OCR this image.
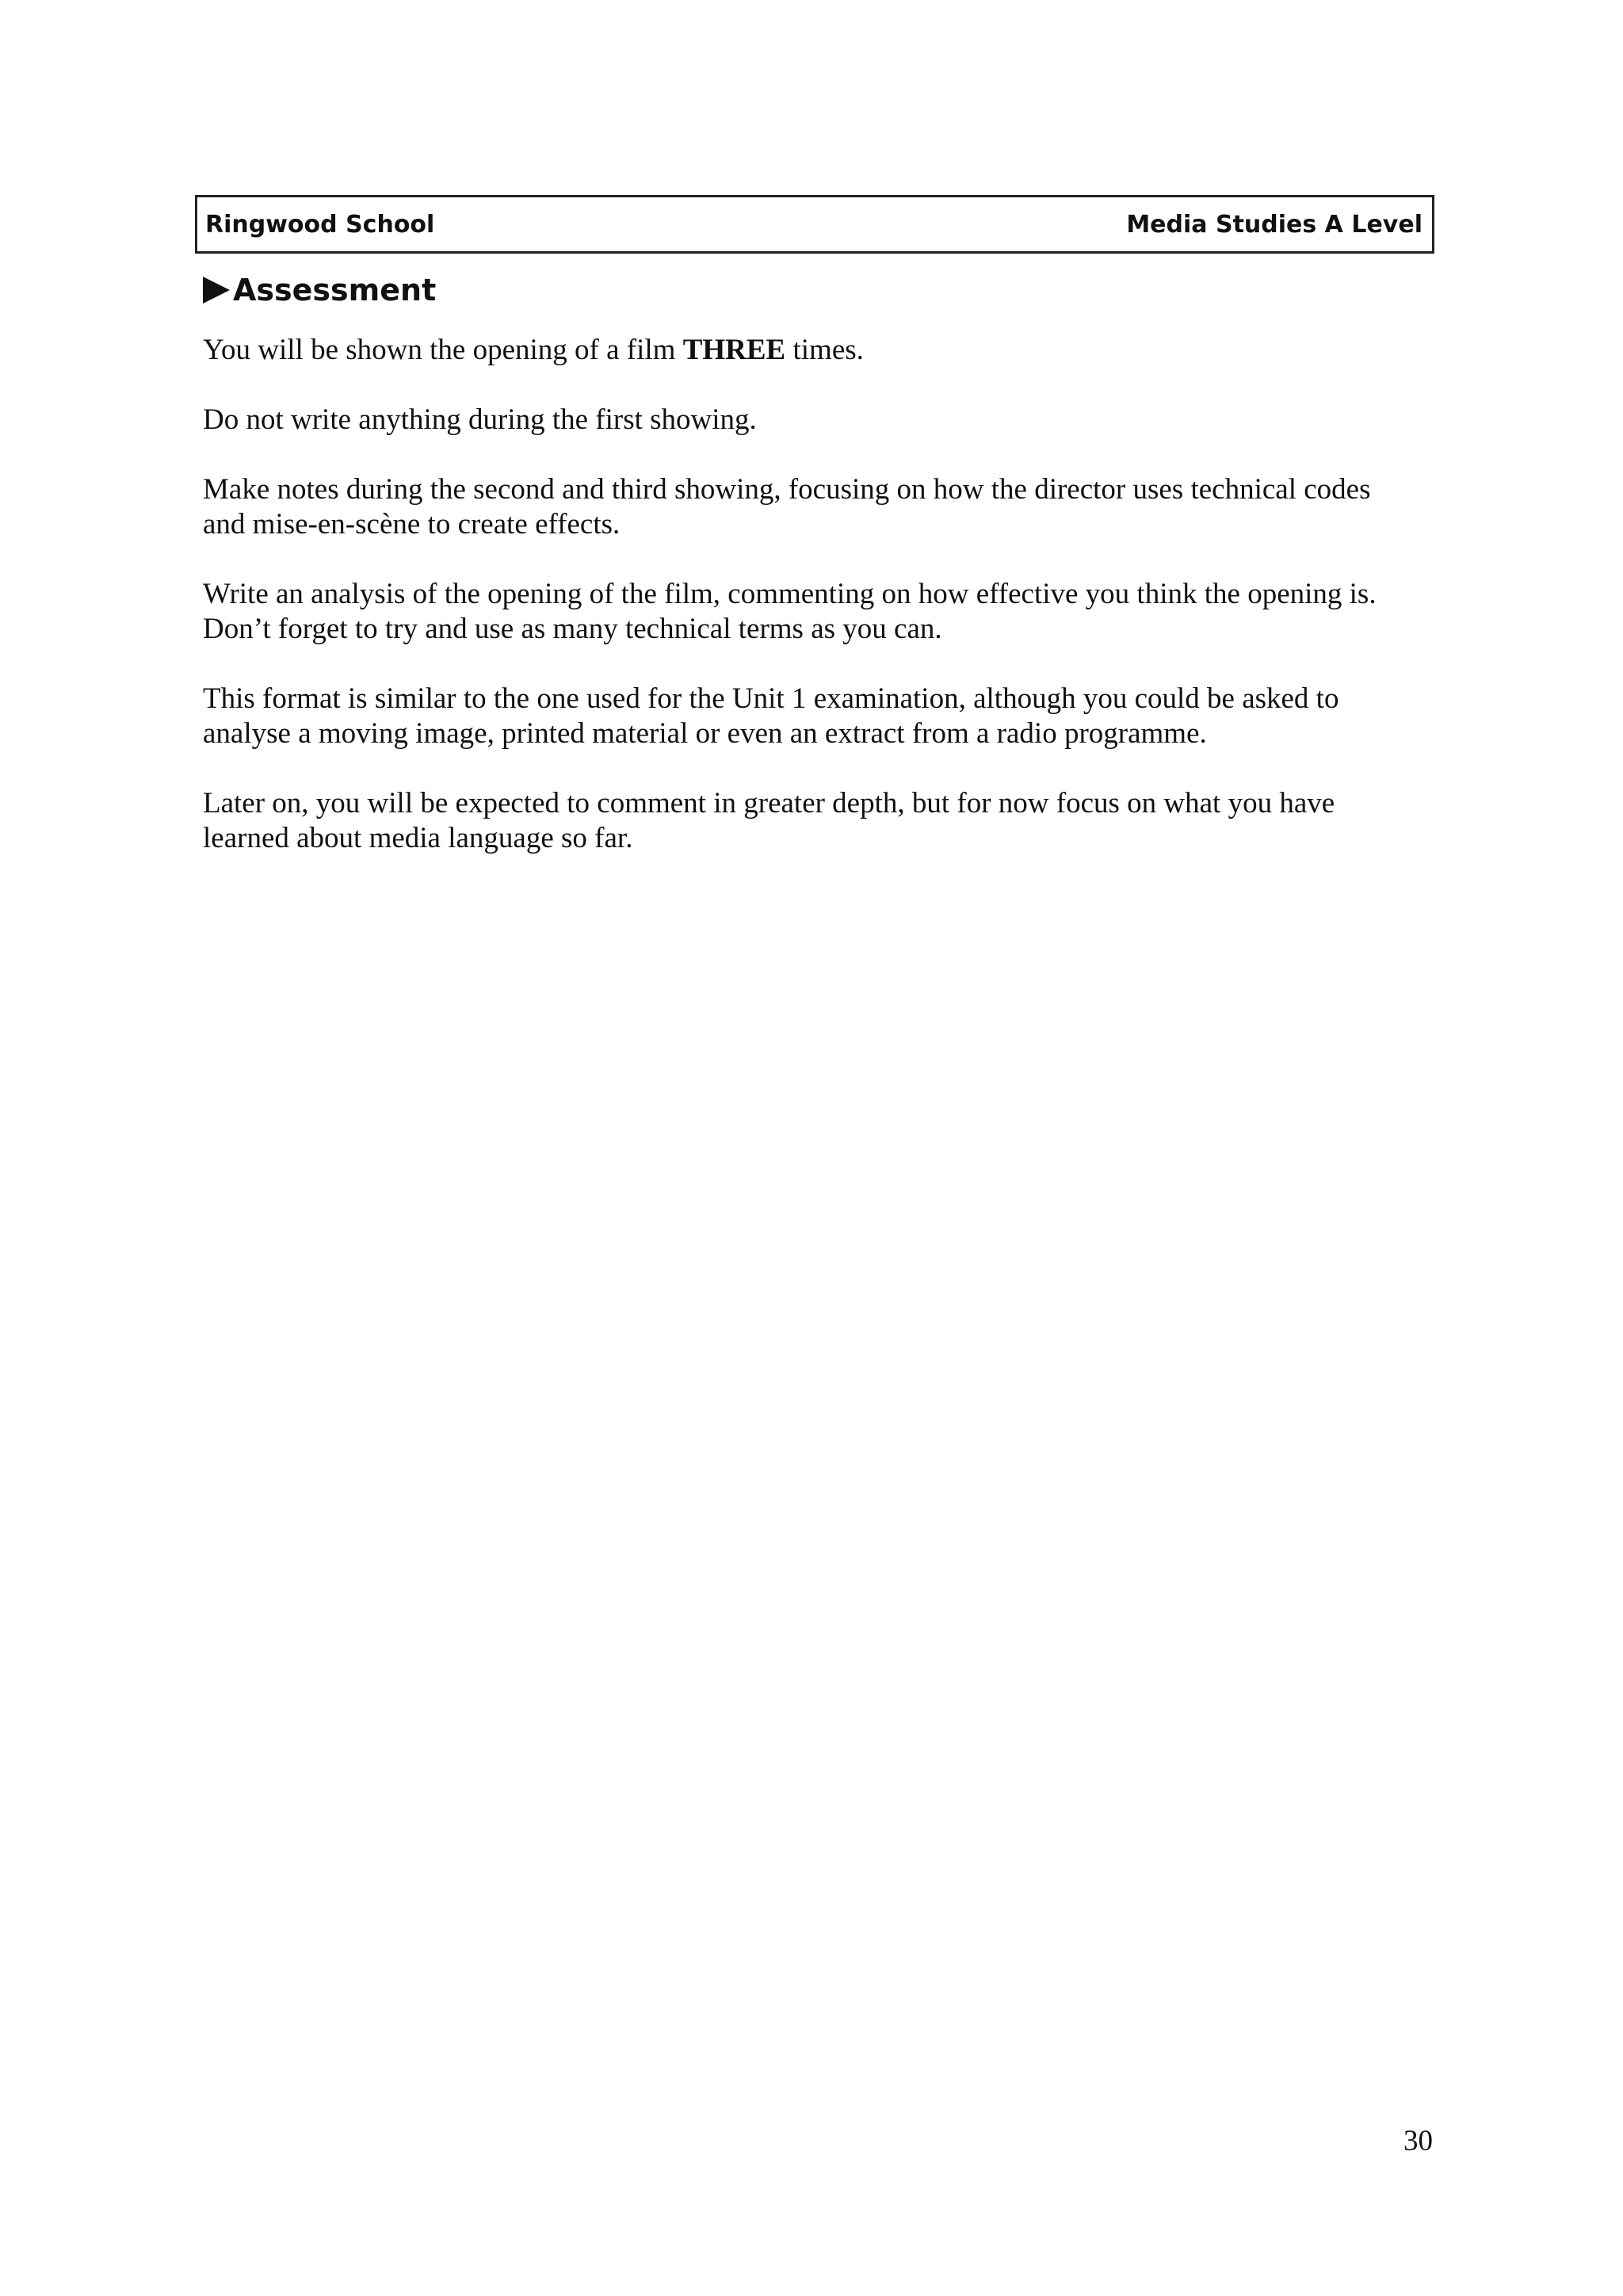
Ringwood School	Media Studies A Level
Assessment

You will be shown the opening of a film THREE times.

Do not write anything during the first showing.

Make notes during the second and third showing, focusing on how the director uses technical codes
and mise-en-scène to create effects.

Write an analysis of the opening of the film, commenting on how effective you think the opening is.
Don’t forget to try and use as many technical terms as you can.

This format is similar to the one used for the Unit 1 examination, although you could be asked to
analyse a moving image, printed material or even an extract from a radio programme.

Later on, you will be expected to comment in greater depth, but for now focus on what you have
learned about media language so far.

30
